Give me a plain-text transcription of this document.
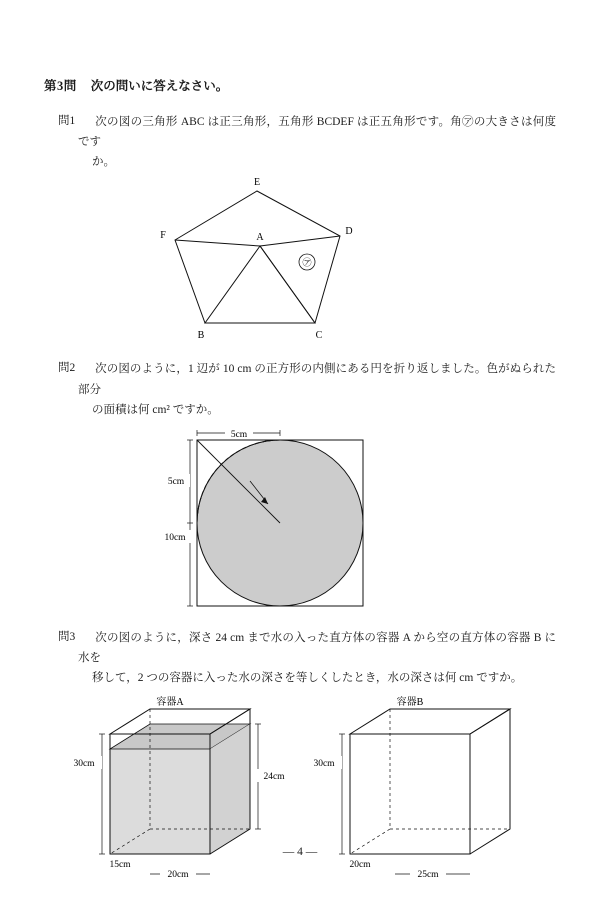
第3問 次の問いに答えなさい。
問1	次の図の三角形 ABC は正三角形，五角形 BCDEF は正五角形です。角㋐の大きさは何度です
か。
㋐
E
F	A
D
B	C
問2	次の図のように，1 辺が 10 cm の正方形の内側にある円を折り返しました。色がぬられた部分
の面積は何 cm² ですか。
5cm
5cm
10cm
問3	次の図のように，深さ 24 cm まで水の入った直方体の容器 A から空の直方体の容器 B に水を
移して，2 つの容器に入った水の深さを等しくしたとき，水の深さは何 cm ですか。
容器A
30cm
24cm
15cm
20cm
容器B
30cm
20cm
25cm
— 4 —
